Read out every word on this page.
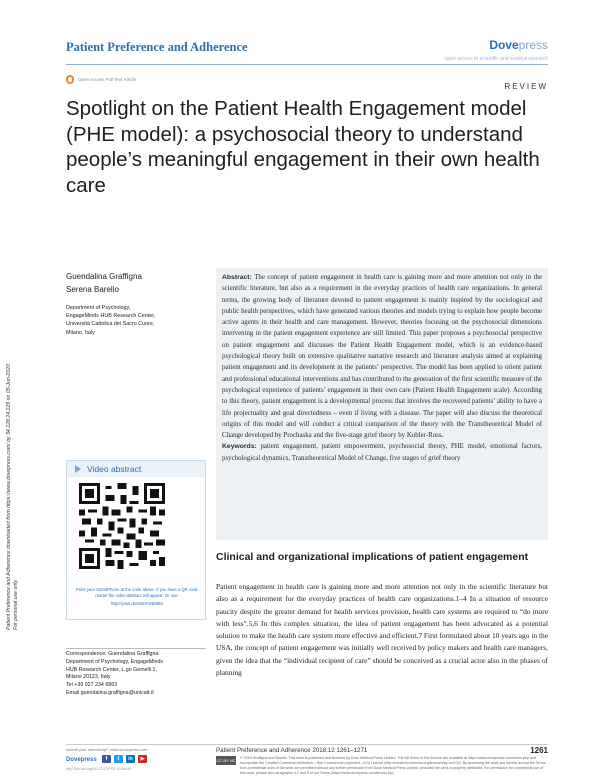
Patient Preference and Adherence	Dovepress
open access to scientific and medical research
Open Access Full Text Article
REVIEW
Spotlight on the Patient Health Engagement model (PHE model): a psychosocial theory to understand people’s meaningful engagement in their own health care
Patient Preference and Adherence downloaded from https://www.dovepress.com/ by 34.228.24.229 on 05-Jun-2020 For personal use only.
Guendalina Graffigna
Serena Barello
Department of Psychology,
EngageMinds HUB Research Center,
Università Cattolica del Sacro Cuore,
Milano, Italy
Video abstract
Point your SmartPhone at the code above. If you have a QR code reader the video abstract will appear. Or use:
http://youtu.be/o0cFvNb9Bo
Correspondence: Guendalina Graffigna
Department of Psychology, EngageMinds
HUB Research Center, L.go Gemelli 1,
Milano 20123, Italy
Tel +39 027 234 6863
Email guendalina.graffigna@unicatt.it

Abstract: The concept of patient engagement in health care is gaining more and more attention not only in the scientific literature, but also as a requirement in the everyday practices of health care organizations. In general terms, the growing body of literature devoted to patient engagement is mainly inspired by the sociological and public health perspectives, which have generated various theories and models trying to explain how people become active agents in their health and care management. However, theories focusing on the psychosocial dimensions intervening in the patient engagement experience are still limited. This paper proposes a psychosocial perspective on patient engagement and discusses the Patient Health Engagement model, which is an evidence-based psychological theory built on extensive qualitative narrative research and literature analysis aimed at explaining patient engagement and its development in the patients’ perspective. The model has been applied to orient patient and professional educational interventions and has contributed to the generation of the first scientific measure of the psychological experience of patients’ engagement in their own care (Patient Health Engagement scale). According to this theory, patient engagement is a developmental process that involves the recovered patients’ ability to have a life projectuality and goal directedness – even if living with a disease. The paper will also discuss the theoretical origins of this model and will conduct a critical comparison of the theory with the Transtheoretical Model of Change developed by Prochaska and the five-stage grief theory by Kubler-Ross.

Keywords: patient engagement, patient empowerment, psychosocial theory, PHE model, emotional factors, psychological dynamics, Transtheoretical Model of Change, five stages of grief theory

Clinical and organizational implications of patient engagement

Patient engagement in health care is gaining more and more attention not only in the scientific literature but also as a requirement for the everyday practices of health care organizations.1–4 In a situation of resource paucity despite the greater demand for health services provision, health care systems are required to “do more with less”.5,6 In this complex situation, the idea of patient engagement has been advocated as a potential solution to make the health care system more effective and efficient.7 First formulated about 10 years ago in the USA, the concept of patient engagement was initially well received by policy makers and health care managers, given the idea that the “individual recipient of care” should be conceived as a crucial actor also in the phases of planning

submit your manuscript | www.dovepress.com
Dovepress	f	t	in	▶
http://dx.doi.org/10.2147/PPA.S145646
Patient Preference and Adherence 2018:12 1261–1271	1261
CC BY NC © 2018 Graffigna and Barello. This work is published and licensed by Dove Medical Press Limited. The full terms of this license are available at https://www.dovepress.com/terms.php and incorporate the Creative Commons Attribution – Non Commercial (unported, v3.0) License (http://creativecommons.org/licenses/by-nc/3.0/). By accessing the work you hereby accept the Terms. Non-commercial uses of the work are permitted without any further permission from Dove Medical Press Limited, provided the work is properly attributed. For permission for commercial use of this work, please see paragraphs 4.2 and 5 of our Terms (https://www.dovepress.com/terms.php).
